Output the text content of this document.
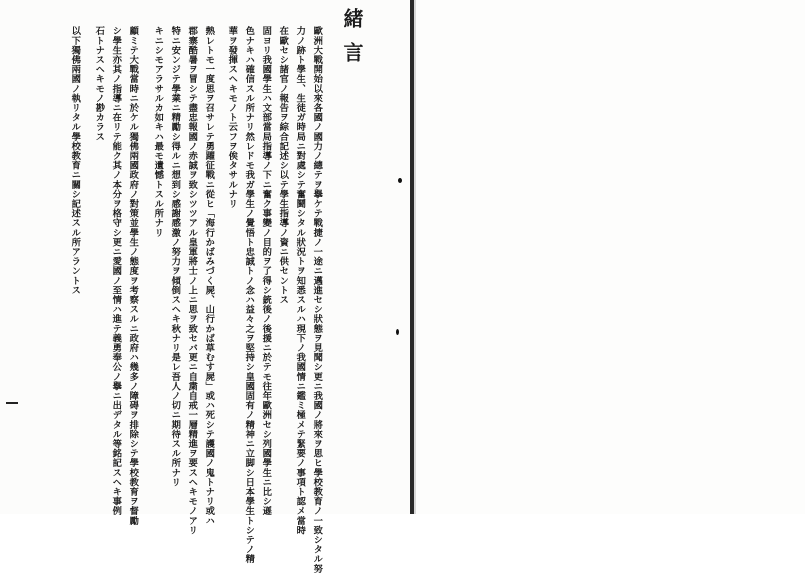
緒言
歐洲大戰開始以來各國ノ國力ノ總テヲ擧ケテ戰捷ノ一途ニ邁進セシ狀態ヲ見聞シ更ニ我國ノ將來ヲ思ヒ學校教育ノ一致シタル努
力ノ跡ト學生、生徒ガ時局ニ對處シテ奮鬪シタル狀況トヲ知悉スルハ現下ノ我國情ニ鑑ミ極メテ緊要ノ事項ト認メ當時
在歐セシ諸官ノ報告ヲ綜合記述シ以テ學生指導ノ資ニ供セントス
固ヨリ我國學生ハ文部當局指導ノ下ニ奮ク事變ノ目的ヲ了得シ銃後ノ後援ニ於テモ往年歐洲セシ列國學生ニ比シ遜
色ナキハ確信スル所ナリ然レドモ我ガ學生ノ覺悟ト忠誠トノ念ハ益々之ヲ堅持シ皇國固有ノ精神ニ立脚シ日本學生トシテノ精
華ヲ發揮スヘキモノト云フヲ俟タサルナリ
熱レトモ一度思ヲ召サレテ勇躍征戰ニ從ヒ「海行かばみづく屍、山行かば草むす屍」或ハ死シテ護國ノ鬼トナリ或ハ
郡寨酷暑ヲ冒シテ盡忠報國ノ赤誠ヲ致シツツアル皇軍將士ノ上ニ思ヲ致セバ更ニ自粛自戒一層精進ヲ要スヘキモノアリ
特ニ安ンジテ學業ニ精勵シ得ルニ想到シ感謝感激ノ努力ヲ傾倒スヘキ秋ナリ是レ吾人ノ切ニ期待スル所ナリ
キニシモアラサルカ如キハ最モ遺憾トスル所ナリ
顧ミテ大戰當時ニ於ケル獨佛兩國政府ノ對策並學生ノ態度ヲ考察スルニ政府ハ幾多ノ障碍ヲ排除シテ學校教育ヲ督勵
シ學生亦其ノ指導ニ在リテ能ク其ノ本分ヲ格守シ更ニ愛國ノ至情ハ進テ義勇奉公ノ擧ニ出デタル等銘記スヘキ事例
石トナスヘキモノ尠カラス
以下獨佛兩國ノ執リタル學校教育ニ關シ記述スル所アラントス
